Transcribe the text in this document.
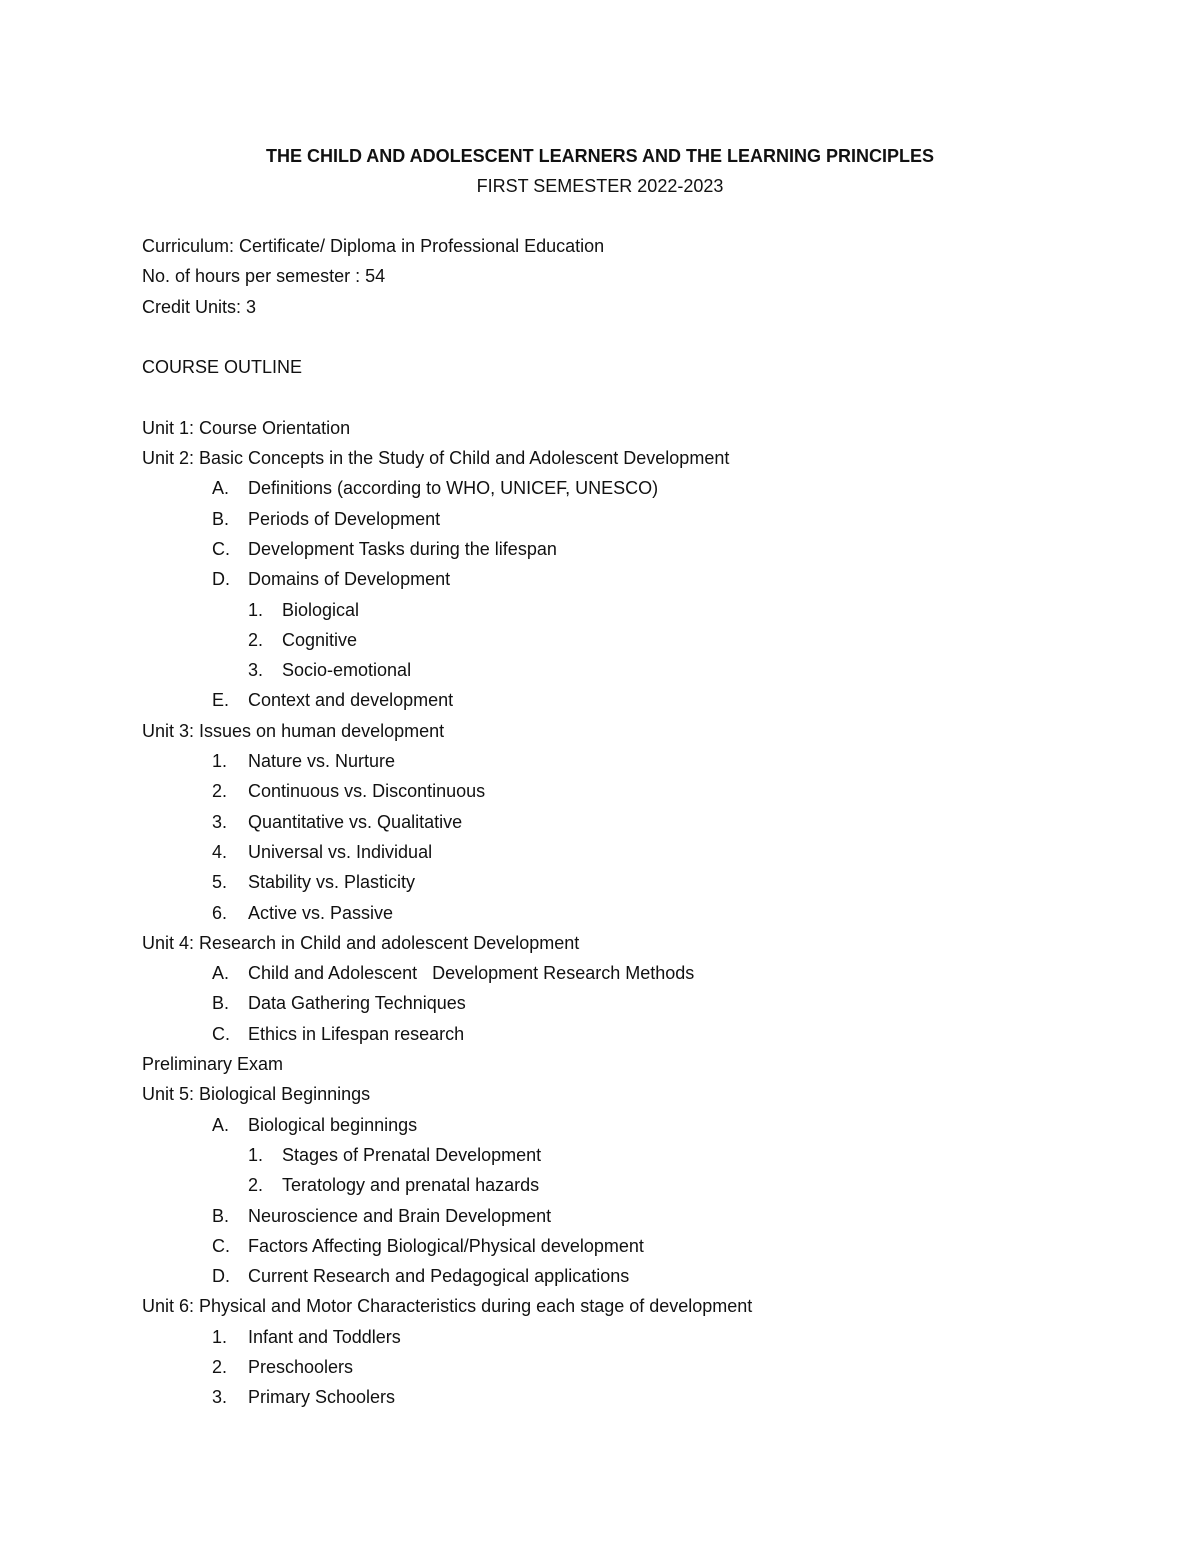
THE CHILD AND ADOLESCENT LEARNERS AND THE LEARNING PRINCIPLES
FIRST SEMESTER 2022-2023
Curriculum: Certificate/ Diploma in Professional Education
No. of hours per semester : 54
Credit Units: 3
COURSE OUTLINE
Unit 1: Course Orientation
Unit 2: Basic Concepts in the Study of Child and Adolescent Development
A. Definitions (according to WHO, UNICEF, UNESCO)
B. Periods of Development
C. Development Tasks during the lifespan
D. Domains of Development
1. Biological
2. Cognitive
3. Socio-emotional
E. Context and development
Unit 3: Issues on human development
1. Nature vs. Nurture
2. Continuous vs. Discontinuous
3. Quantitative vs. Qualitative
4. Universal vs. Individual
5. Stability vs. Plasticity
6. Active vs. Passive
Unit 4: Research in Child and adolescent Development
A. Child and Adolescent   Development Research Methods
B. Data Gathering Techniques
C. Ethics in Lifespan research
Preliminary Exam
Unit 5: Biological Beginnings
A. Biological beginnings
1. Stages of Prenatal Development
2. Teratology and prenatal hazards
B. Neuroscience and Brain Development
C. Factors Affecting Biological/Physical development
D. Current Research and Pedagogical applications
Unit 6: Physical and Motor Characteristics during each stage of development
1. Infant and Toddlers
2. Preschoolers
3. Primary Schoolers
